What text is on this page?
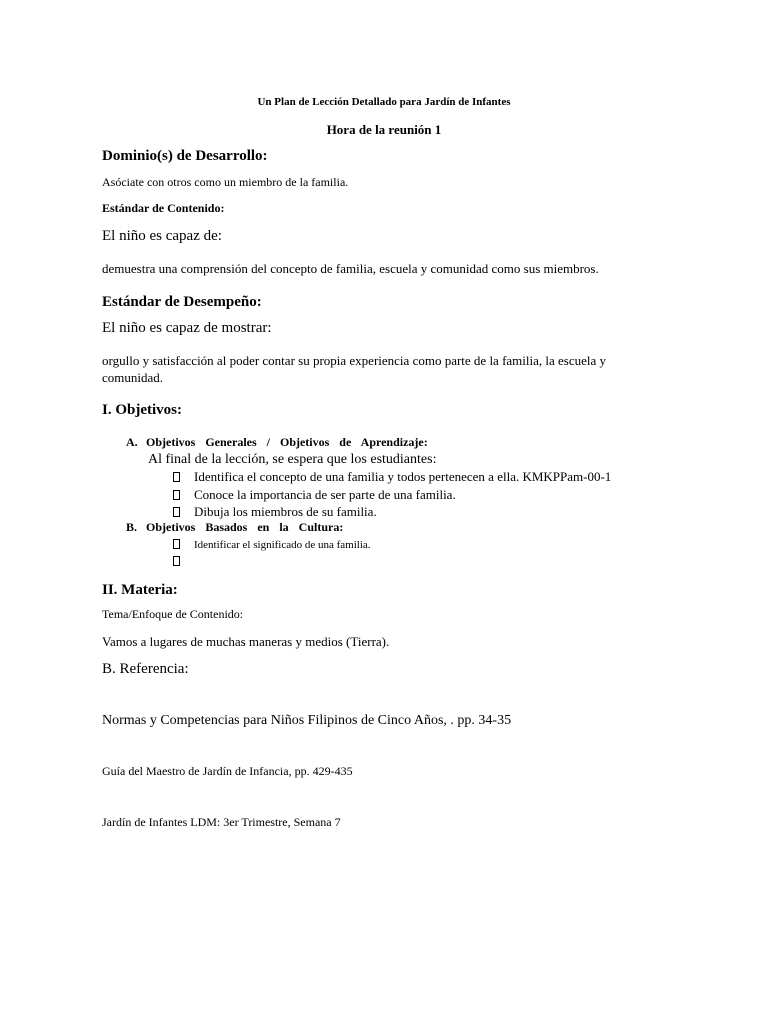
Un Plan de Lección Detallado para Jardín de Infantes
Hora de la reunión 1
Dominio(s) de Desarrollo:
Asóciate con otros como un miembro de la familia.
Estándar de Contenido:
El niño es capaz de:
demuestra una comprensión del concepto de familia, escuela y comunidad como sus miembros.
Estándar de Desempeño:
El niño es capaz de mostrar:
orgullo y satisfacción al poder contar su propia experiencia como parte de la familia, la escuela y
comunidad.
I. Objetivos:
A. Objetivos Generales / Objetivos de Aprendizaje:
Al final de la lección, se espera que los estudiantes:
Identifica el concepto de una familia y todos pertenecen a ella. KMKPPam-00-1
Conoce la importancia de ser parte de una familia.
Dibuja los miembros de su familia.
B. Objetivos Basados en la Cultura:
Identificar el significado de una familia.
II. Materia:
Tema/Enfoque de Contenido:
Vamos a lugares de muchas maneras y medios (Tierra).
B. Referencia:
Normas y Competencias para Niños Filipinos de Cinco Años, . pp. 34-35
Guía del Maestro de Jardín de Infancia, pp. 429-435
Jardín de Infantes LDM: 3er Trimestre, Semana 7
